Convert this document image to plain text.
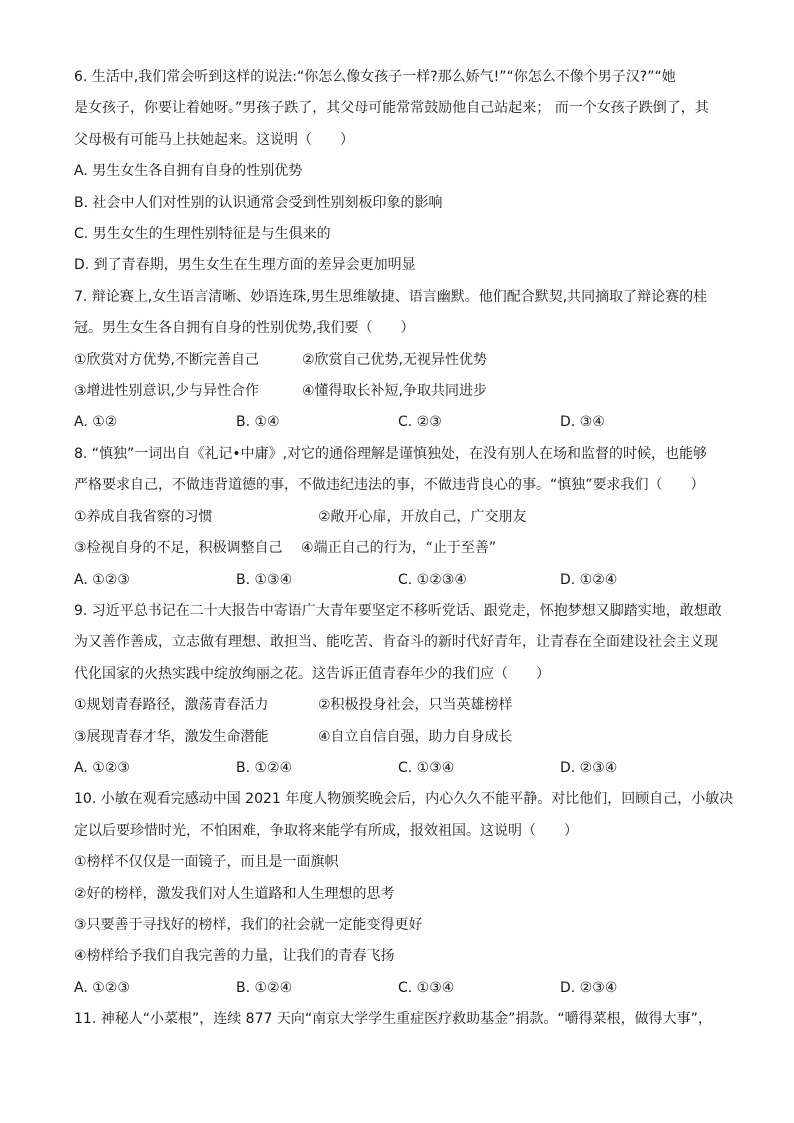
6. 生活中,我们常会听到这样的说法:“你怎么像女孩子一样?那么娇气!”“你怎么不像个男子汉?”“她
是女孩子，你要让着她呀。”男孩子跌了，其父母可能常常鼓励他自己站起来； 而一个女孩子跌倒了，其
父母极有可能马上扶她起来。这说明（　　）
A. 男生女生各自拥有自身的性别优势
B. 社会中人们对性别的认识通常会受到性别刻板印象的影响
C. 男生女生的生理性别特征是与生俱来的
D. 到了青春期，男生女生在生理方面的差异会更加明显
7. 辩论赛上,女生语言清晰、妙语连珠,男生思维敏捷、语言幽默。他们配合默契,共同摘取了辩论赛的桂
冠。男生女生各自拥有自身的性别优势,我们要（　　）
①欣赏对方优势,不断完善自己	②欣赏自己优势,无视异性优势
③增进性别意识,少与异性合作	④懂得取长补短,争取共同进步
A. ①②	B. ①④	C. ②③	D. ③④
8. “慎独”一词出自《礼记•中庸》,对它的通俗理解是谨慎独处，在没有别人在场和监督的时候，也能够
严格要求自己，不做违背道德的事，不做违纪违法的事，不做违背良心的事。“慎独”要求我们（　　）
①养成自我省察的习惯	②敞开心扉，开放自己，广交朋友
③检视自身的不足，积极调整自己　 ④端正自己的行为，“止于至善”
A. ①②③	B. ①③④	C. ①②③④	D. ①②④
9. 习近平总书记在二十大报告中寄语广大青年要坚定不移听党话、跟党走，怀抱梦想又脚踏实地，敢想敢
为又善作善成，立志做有理想、敢担当、能吃苦、肯奋斗的新时代好青年，让青春在全面建设社会主义现
代化国家的火热实践中绽放绚丽之花。这告诉正值青春年少的我们应（　　）
①规划青春路径，激荡青春活力	②积极投身社会，只当英雄榜样
③展现青春才华，激发生命潜能	④自立自信自强，助力自身成长
A. ①②③	B. ①②④	C. ①③④	D. ②③④
10. 小敏在观看完感动中国 2021 年度人物颁奖晚会后，内心久久不能平静。对比他们，回顾自己，小敏决
定以后要珍惜时光，不怕困难，争取将来能学有所成，报效祖国。这说明（　　）
①榜样不仅仅是一面镜子，而且是一面旗帜
②好的榜样，激发我们对人生道路和人生理想的思考
③只要善于寻找好的榜样，我们的社会就一定能变得更好
④榜样给予我们自我完善的力量，让我们的青春飞扬
A. ①②③	B. ①②④	C. ①③④	D. ②③④
11. 神秘人“小菜根”，连续 877 天向“南京大学学生重症医疗救助基金”捐款。“嚼得菜根，做得大事”，
